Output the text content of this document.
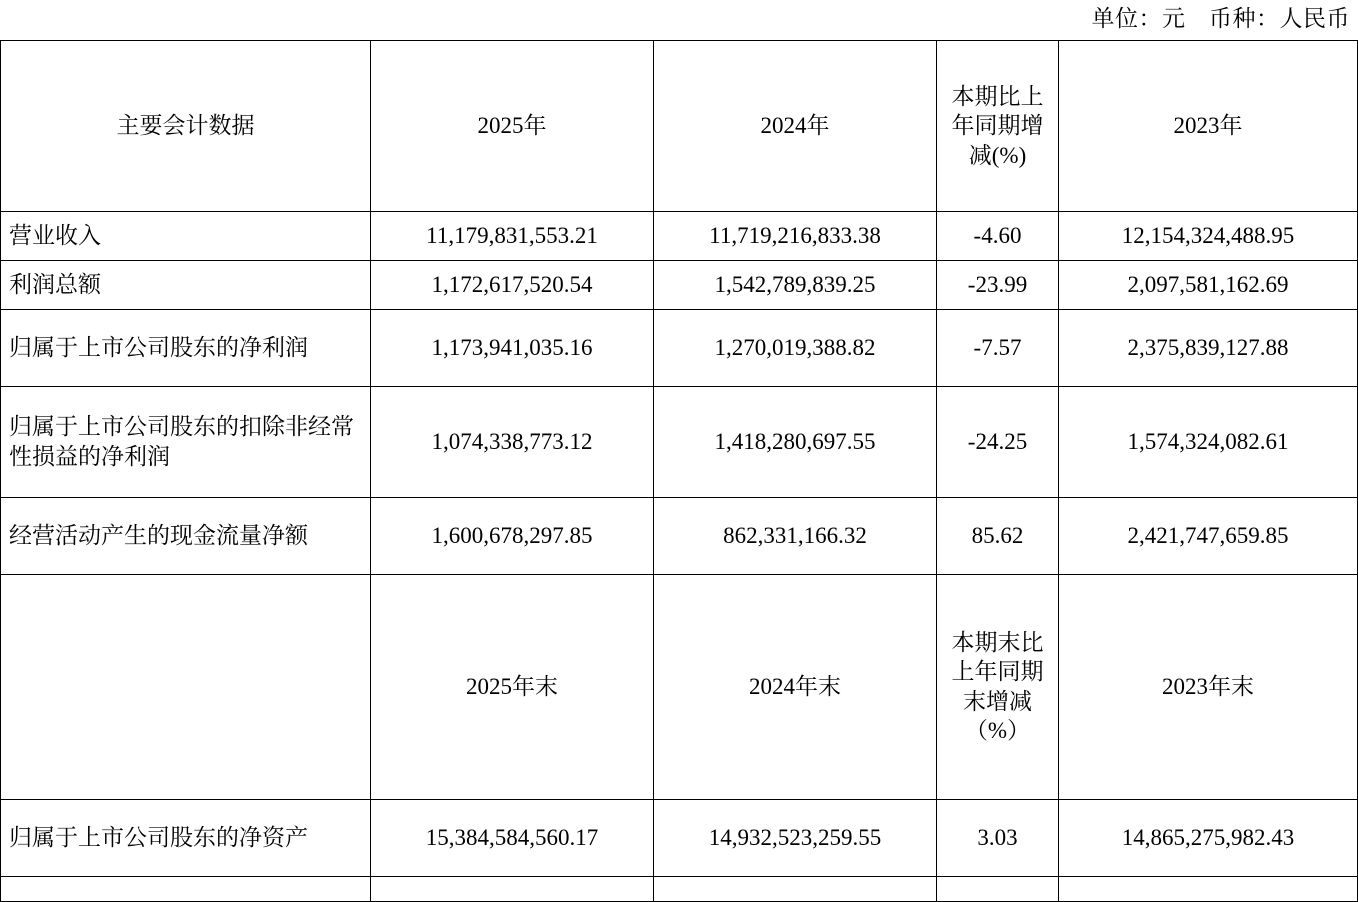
单位：元　币种：人民币
主要会计数据	2025年	2024年	本期比上年同期增减(%)	2023年
营业收入	11,179,831,553.21	11,719,216,833.38	-4.60	12,154,324,488.95
利润总额	1,172,617,520.54	1,542,789,839.25	-23.99	2,097,581,162.69
归属于上市公司股东的净利润	1,173,941,035.16	1,270,019,388.82	-7.57	2,375,839,127.88
归属于上市公司股东的扣除非经常性损益的净利润	1,074,338,773.12	1,418,280,697.55	-24.25	1,574,324,082.61
经营活动产生的现金流量净额	1,600,678,297.85	862,331,166.32	85.62	2,421,747,659.85
	2025年末	2024年末	本期末比上年同期末增减（%）	2023年末
归属于上市公司股东的净资产	15,384,584,560.17	14,932,523,259.55	3.03	14,865,275,982.43
